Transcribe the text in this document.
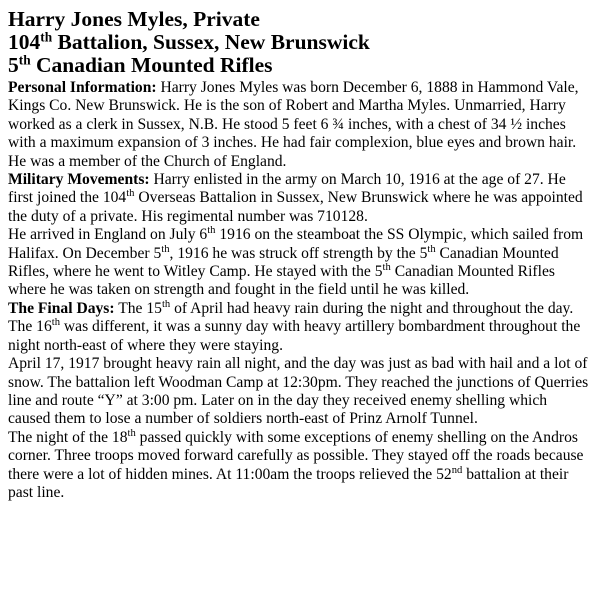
Harry Jones Myles, Private
104th Battalion, Sussex, New Brunswick
5th Canadian Mounted Rifles

Personal Information: Harry Jones Myles was born December 6, 1888 in Hammond Vale, Kings Co. New Brunswick. He is the son of Robert and Martha Myles. Unmarried, Harry worked as a clerk in Sussex, N.B. He stood 5 feet 6 ¾ inches, with a chest of 34 ½ inches with a maximum expansion of 3 inches. He had fair complexion, blue eyes and brown hair. He was a member of the Church of England.

Military Movements: Harry enlisted in the army on March 10, 1916 at the age of 27. He first joined the 104th Overseas Battalion in Sussex, New Brunswick where he was appointed the duty of a private. His regimental number was 710128.

He arrived in England on July 6th 1916 on the steamboat the SS Olympic, which sailed from Halifax. On December 5th, 1916 he was struck off strength by the 5th Canadian Mounted Rifles, where he went to Witley Camp. He stayed with the 5th Canadian Mounted Rifles where he was taken on strength and fought in the field until he was killed.

The Final Days: The 15th of April had heavy rain during the night and throughout the day.

The 16th was different, it was a sunny day with heavy artillery bombardment throughout the night north-east of where they were staying.

April 17, 1917 brought heavy rain all night, and the day was just as bad with hail and a lot of snow. The battalion left Woodman Camp at 12:30pm. They reached the junctions of Querries line and route “Y” at 3:00 pm. Later on in the day they received enemy shelling which caused them to lose a number of soldiers north-east of Prinz Arnolf Tunnel.

The night of the 18th passed quickly with some exceptions of enemy shelling on the Andros corner. Three troops moved forward carefully as possible. They stayed off the roads because there were a lot of hidden mines. At 11:00am the troops relieved the 52nd battalion at their past line.
